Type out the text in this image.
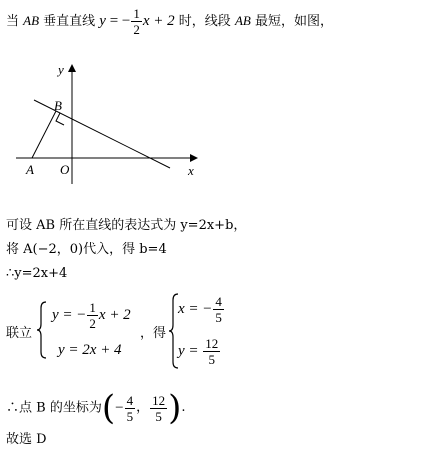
当 AB 垂直直线 y = − $\frac{1}{2}$ x + 2 时，线段 AB 最短，如图，
y
x
B
A O
可设 AB 所在直线的表达式为 y=2x+b，
将 A(−2，0)代入，得 b=4
∴y=2x+4
联立
y = − $\frac{1}{2}$ x + 2
y = 2x + 4
，得
x = − $\frac{4}{5}$
$y = \frac{12}{5}$
∴点 B 的坐标为(− $\frac{4}{5}$ ， $\frac{12}{5}$ ).
故选 D
